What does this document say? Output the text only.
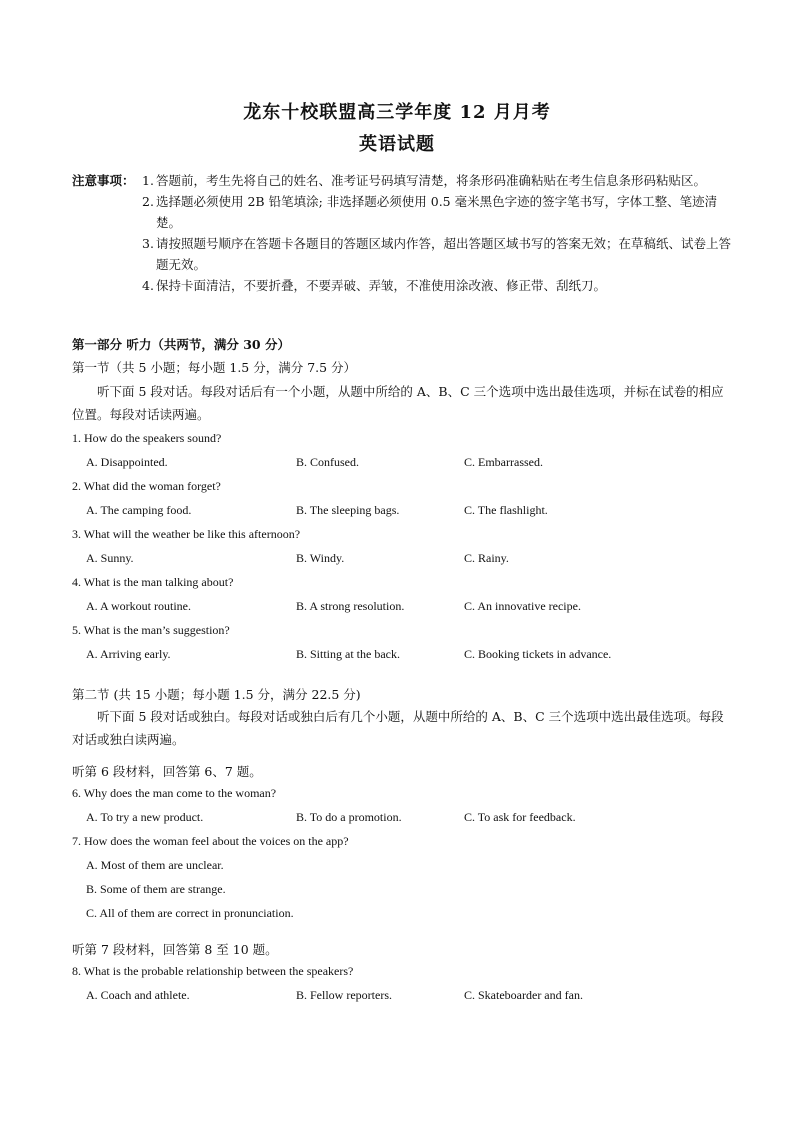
龙东十校联盟高三学年度 12 月月考
英语试题
注意事项： 1. 答题前，考生先将自己的姓名、准考证号码填写清楚，将条形码准确粘贴在考生信息条形码粘贴区。
2. 选择题必须使用 2B 铅笔填涂; 非选择题必须使用 0.5 毫米黑色字迹的签字笔书写，字体工整、笔迹清楚。
3. 请按照题号顺序在答题卡各题目的答题区域内作答，超出答题区域书写的答案无效；在草稿纸、试卷上答题无效。
4. 保持卡面清洁，不要折叠，不要弄破、弄皱，不准使用涂改液、修正带、刮纸刀。
第一部分 听力（共两节，满分 30 分）
第一节（共 5 小题；每小题 1.5 分，满分 7.5 分）
听下面 5 段对话。每段对话后有一个小题，从题中所给的 A、B、C 三个选项中选出最佳选项，并标在试卷的相应位置。每段对话读两遍。
1. How do the speakers sound?
A. Disappointed.	B. Confused.	C. Embarrassed.
2. What did the woman forget?
A. The camping food.	B. The sleeping bags.	C. The flashlight.
3. What will the weather be like this afternoon?
A. Sunny.	B. Windy.	C. Rainy.
4. What is the man talking about?
A. A workout routine.	B. A strong resolution.	C. An innovative recipe.
5. What is the man’s suggestion?
A. Arriving early.	B. Sitting at the back.	C. Booking tickets in advance.
第二节 (共 15 小题；每小题 1.5 分，满分 22.5 分)
听下面 5 段对话或独白。每段对话或独白后有几个小题，从题中所给的 A、B、C 三个选项中选出最佳选项。每段对话或独白读两遍。
听第 6 段材料，回答第 6、7 题。
6. Why does the man come to the woman?
A. To try a new product.	B. To do a promotion.	C. To ask for feedback.
7. How does the woman feel about the voices on the app?
A. Most of them are unclear.
B. Some of them are strange.
C. All of them are correct in pronunciation.
听第 7 段材料，回答第 8 至 10 题。
8. What is the probable relationship between the speakers?
A. Coach and athlete.	B. Fellow reporters.	C. Skateboarder and fan.
